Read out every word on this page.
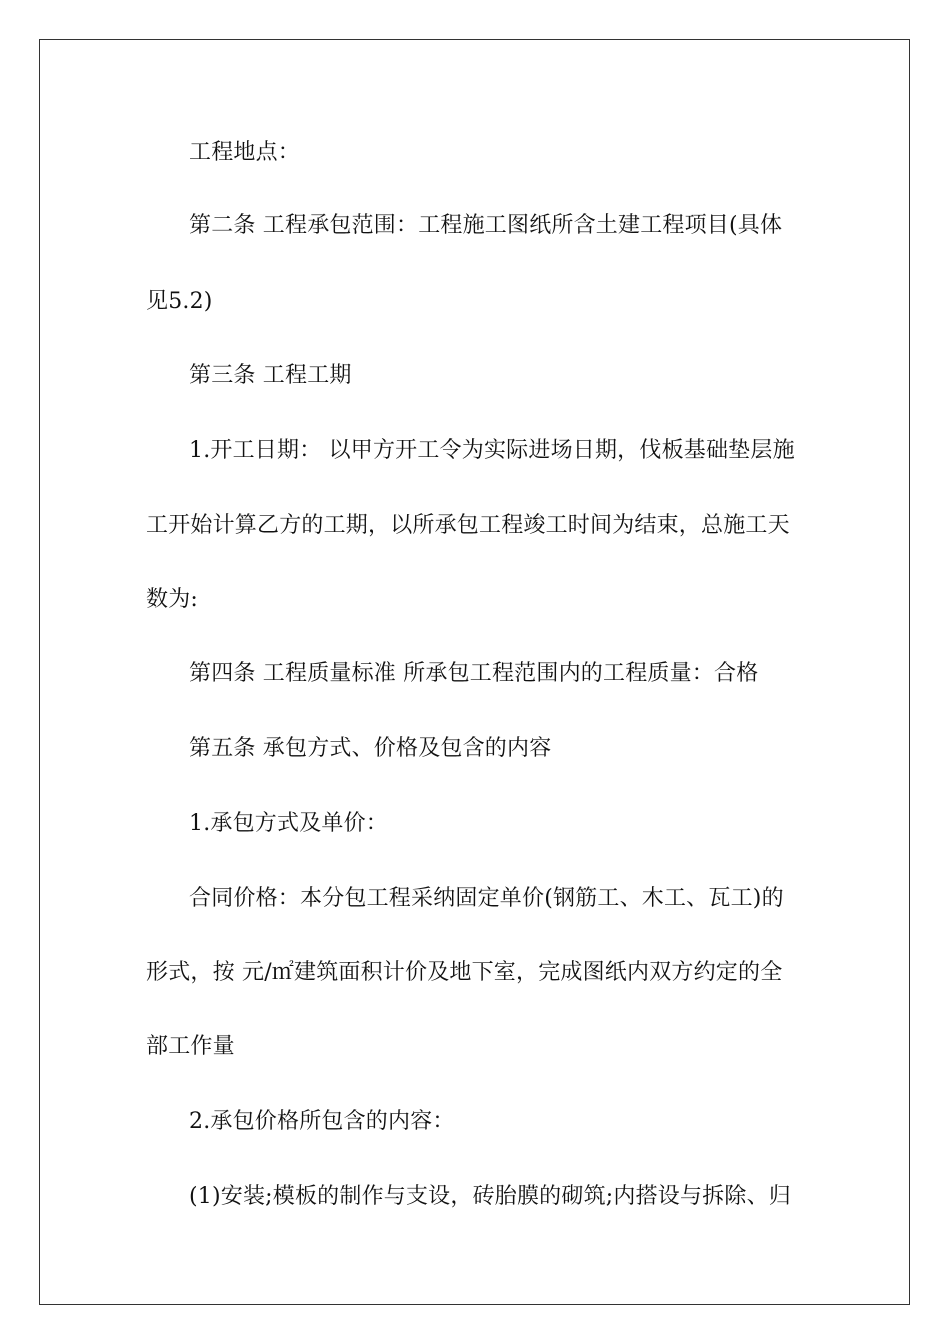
工程地点：
第二条 工程承包范围：工程施工图纸所含土建工程项目(具体
见5.2)
第三条 工程工期
1.开工日期： 以甲方开工令为实际进场日期，伐板基础垫层施
工开始计算乙方的工期，以所承包工程竣工时间为结束，总施工天
数为:
第四条 工程质量标准 所承包工程范围内的工程质量：合格
第五条 承包方式、价格及包含的内容
1.承包方式及单价：
合同价格：本分包工程采纳固定单价(钢筋工、木工、瓦工)的
形式，按 元/㎡建筑面积计价及地下室，完成图纸内双方约定的全
部工作量
2.承包价格所包含的内容：
(1)安装;模板的制作与支设，砖胎膜的砌筑;内搭设与拆除、归
